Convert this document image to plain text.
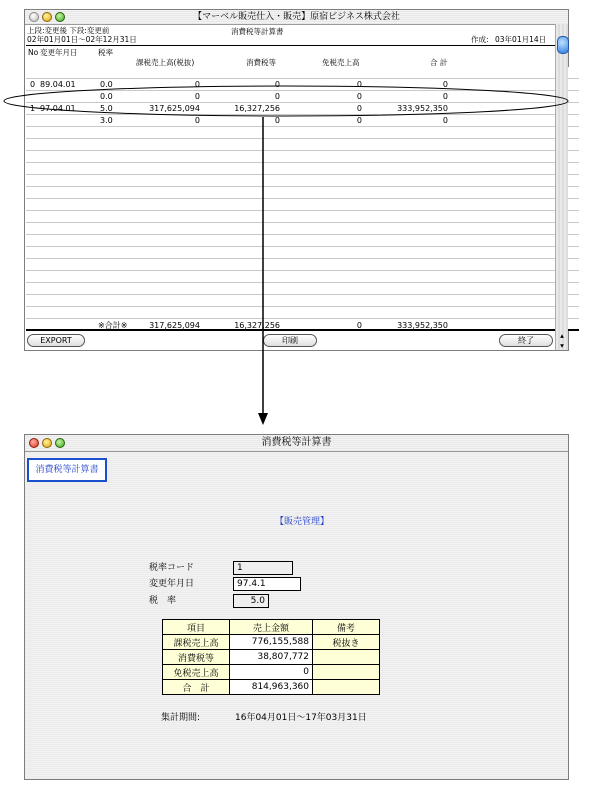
【マーベル販売仕入・販売】原宿ビジネス株式会社
上段:変更後 下段:変更前
02年01月01日～02年12月31日
消費税等計算書
作成: 03年01月14日
No 変更年月日	税率
課税売上高(税抜)	消費税等	免税売上高	合 計
0 89.04.01	0.0	0	0	0	0
0.0	0	0	0	0
1 97.04.01	5.0	317,625,094	16,327,256	0	333,952,350
3.0	0	0	0	0
※合計※	317,625,094	16,327,256	0	333,952,350
EXPORT	印刷	終了
▴
▾
消費税等計算書
消費税等計算書
【販売管理】
税率コード	1
変更年月日	97.4.1
税　率	5.0
項目	売上金額	備考
課税売上高	776,155,588	税抜き
消費税等	38,807,772	
免税売上高	0	
合　計	814,963,360	
集計期間:	16年04月01日～17年03月31日
